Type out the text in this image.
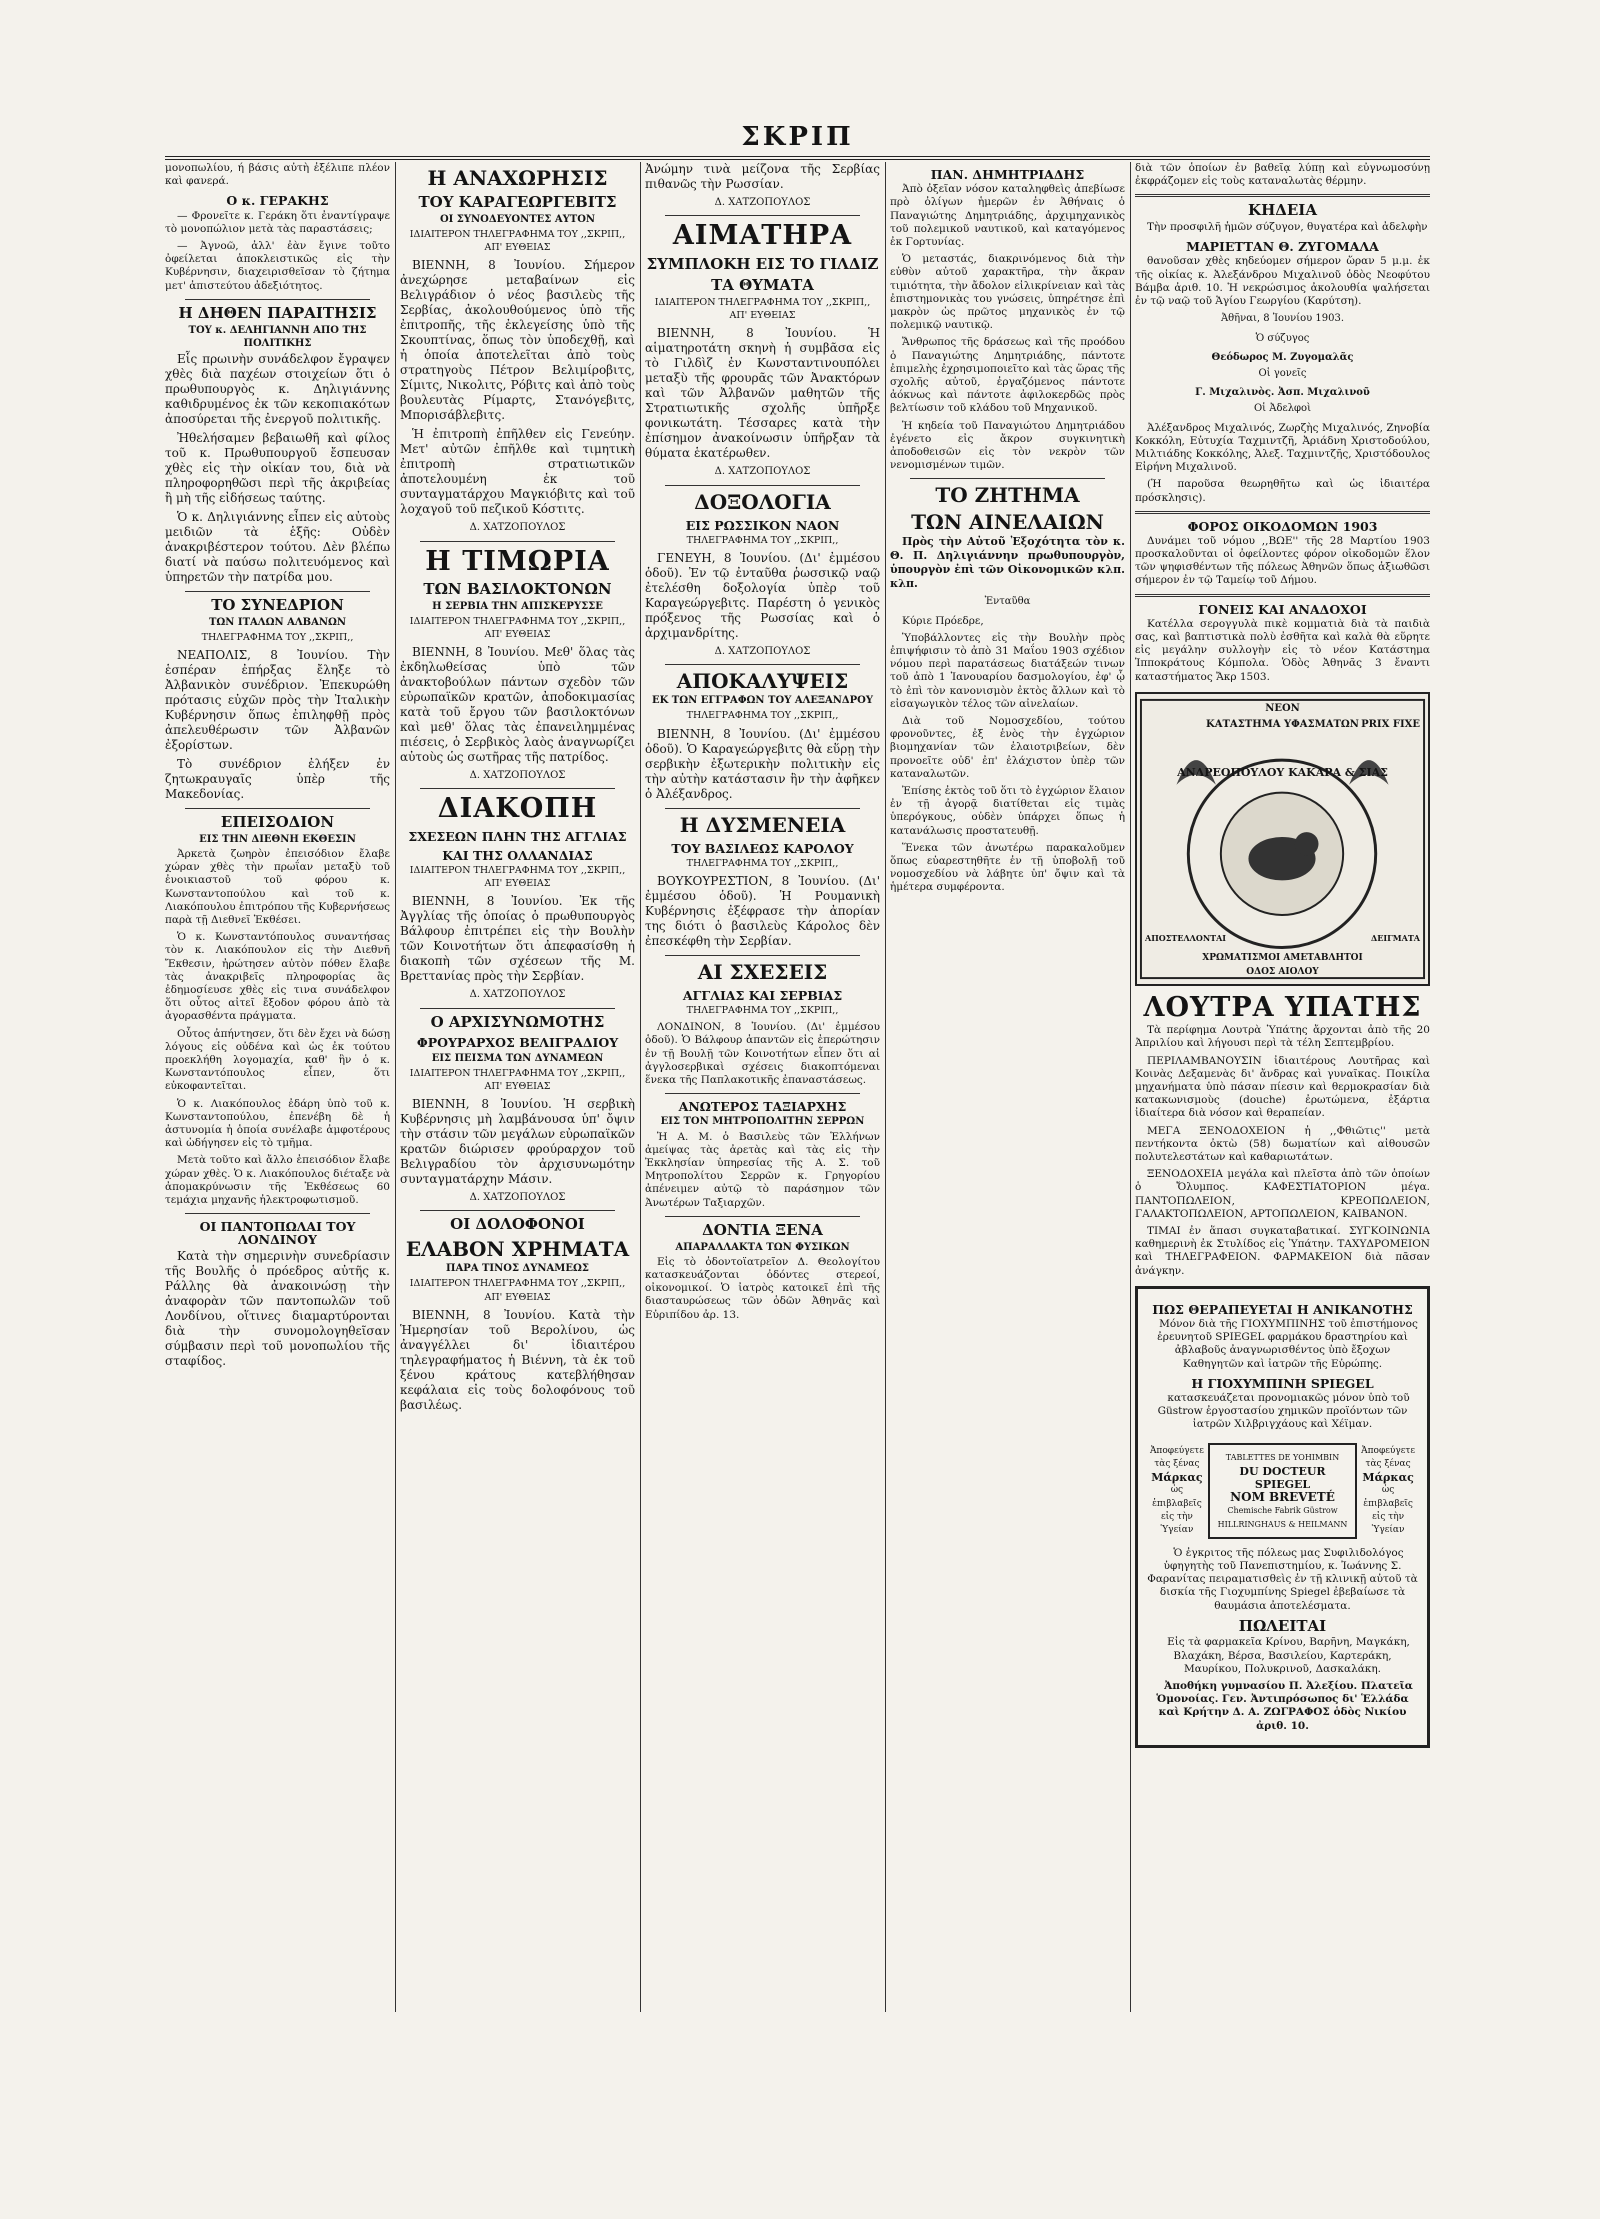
ΣΚΡΙΠ

μονοπωλίου, ή βάσις αὐτὴ ἐξέλιπε πλέον καὶ φανερά.

Ο κ. ΓΕΡΑΚΗΣ

— Φρονεῖτε κ. Γεράκη ὅτι ἐναντίγραψε τὸ μονοπώλιον μετὰ τὰς παραστάσεις;

— Ἀγνοῶ, ἀλλ' ἐὰν ἔγινε τοῦτο ὀφείλεται ἀποκλειστικῶς εἰς τὴν Κυβέρνησιν, διαχειρισθεῖσαν τὸ ζήτημα μετ' ἀπιστεύτου ἀδεξιότητος.

Η ΔΗΘΕΝ ΠΑΡΑΙΤΗΣΙΣ
ΤΟΥ κ. ΔΕΛΗΓΙΑΝΝΗ ΑΠΟ ΤΗΣ ΠΟΛΙΤΙΚΗΣ

Εἷς πρωινὴν συνάδελφον ἔγραψεν χθὲς διὰ παχέων στοιχείων ὅτι ὁ πρωθυπουργὸς κ. Δηλιγιάννης καθιδρυμένος ἐκ τῶν κεκοπιακότων ἀποσύρεται τῆς ἐνεργοῦ πολιτικῆς.

Ἠθελήσαμεν βεβαιωθῆ καὶ φίλος τοῦ κ. Πρωθυπουργοῦ ἔσπευσαν χθὲς εἰς τὴν οἰκίαν του, διὰ νὰ πληροφορηθῶσι περὶ τῆς ἀκριβείας ἢ μὴ τῆς εἰδήσεως ταύτης.

Ὁ κ. Δηλιγιάννης εἶπεν εἰς αὐτοὺς μειδιῶν τὰ ἑξῆς: Οὐδὲν ἀνακριβέστερον τούτου. Δὲν βλέπω διατί νὰ παύσω πολιτευόμενος καὶ ὑπηρετῶν τὴν πατρίδα μου.

ΤΟ ΣΥΝΕΔΡΙΟΝ
ΤΩΝ ΙΤΑΛΩΝ ΑΛΒΑΝΩΝ
ΤΗΛΕΓΡΑΦΗΜΑ ΤΟΥ ,,ΣΚΡΙΠ,,

ΝΕΑΠΟΛΙΣ, 8 Ἰουνίου. Τὴν ἑσπέραν ἐπήρξας ἔληξε τὸ Ἀλβανικὸν συνέδριον. Ἐπεκυρώθη πρότασις εὐχῶν πρὸς τὴν Ἰταλικὴν Κυβέρνησιν ὅπως ἐπιληφθῇ πρὸς ἀπελευθέρωσιν τῶν Ἀλβανῶν ἐξορίστων.

Τὸ συνέδριον ἐλήξεν ἐν ζητωκραυγαῖς ὑπὲρ τῆς Μακεδονίας.

ΕΠΕΙΣΟΔΙΟΝ
ΕΙΣ ΤΗΝ ΔΙΕΘΝΗ ΕΚΘΕΣΙΝ

Ἀρκετὰ ζωηρὸν ἐπεισόδιον ἔλαβε χώραν χθὲς τὴν πρωΐαν μεταξὺ τοῦ ἐνοικιαστοῦ τοῦ φόρου κ. Κωνσταντοπούλου καὶ τοῦ κ. Λιακόπουλου ἐπιτρόπου τῆς Κυβερνήσεως παρὰ τῇ Διεθνεῖ Ἐκθέσει.

Ὁ κ. Κωνσταντόπουλος συναντήσας τὸν κ. Λιακόπουλον εἰς τὴν Διεθνῆ Ἔκθεσιν, ἠρώτησεν αὐτὸν πόθεν ἔλαβε τὰς ἀνακριβεῖς πληροφορίας ἃς ἐδημοσίευσε χθὲς εἰς τινα συνάδελφον ὅτι οὗτος αἰτεῖ ἔξοδον φόρου ἀπὸ τὰ ἀγορασθέντα πράγματα.

Οὗτος ἀπήντησεν, ὅτι δὲν ἔχει νὰ δώσῃ λόγους εἰς οὐδένα καὶ ὡς ἐκ τούτου προεκλήθη λογομαχία, καθ' ἣν ὁ κ. Κωνσταντόπουλος εἶπεν, ὅτι εὐκοφαντεῖται.

Ὁ κ. Λιακόπουλος ἐδάρη ὑπὸ τοῦ κ. Κωνσταντοπούλου, ἐπενέβη δὲ ἡ ἀστυνομία ἡ ὁποία συνέλαβε ἀμφοτέρους καὶ ὡδήγησεν εἰς τὸ τμῆμα.

Μετὰ τοῦτο καὶ ἄλλο ἐπεισόδιον ἔλαβε χώραν χθὲς. Ὁ κ. Λιακόπουλος διέταξε νὰ ἀπομακρύνωσιν τῆς Ἐκθέσεως 60 τεμάχια μηχανῆς ἠλεκτροφωτισμοῦ.

ΟΙ ΠΑΝΤΟΠΩΛΑΙ ΤΟΥ ΛΟΝΔΙΝΟΥ

Κατὰ τὴν σημερινὴν συνεδρίασιν τῆς Βουλῆς ὁ πρόεδρος αὐτῆς κ. Ράλλης θὰ ἀνακοινώσῃ τὴν ἀναφορὰν τῶν παντοπωλῶν τοῦ Λονδίνου, οἵτινες διαμαρτύρονται διὰ τὴν συνομολογηθεῖσαν σύμβασιν περὶ τοῦ μονοπωλίου τῆς σταφίδος.

Η ΑΝΑΧΩΡΗΣΙΣ
ΤΟΥ ΚΑΡΑΓΕΩΡΓΕΒΙΤΣ
ΟΙ ΣΥΝΟΔΕΥΟΝΤΕΣ ΑΥΤΟΝ
ΙΔΙΑΙΤΕΡΟΝ ΤΗΛΕΓΡΑΦΗΜΑ ΤΟΥ ,,ΣΚΡΙΠ,, ΑΠ' ΕΥΘΕΙΑΣ

ΒΙΕΝΝΗ, 8 Ἰουνίου. Σήμερον ἀνεχώρησε μεταβαίνων εἰς Βελιγράδιον ὁ νέος βασιλεὺς τῆς Σερβίας, ἀκολουθούμενος ὑπὸ τῆς ἐπιτροπῆς, τῆς ἐκλεγείσης ὑπὸ τῆς Σκουπτίνας, ὅπως τὸν ὑποδεχθῇ, καὶ ἡ ὁποία ἀποτελεῖται ἀπὸ τοὺς στρατηγοὺς Πέτρον Βελιμίροβιτς, Σίμιτς, Νικολιτς, Ρόβιτς καὶ ἀπὸ τοὺς βουλευτὰς Ρίμαρτς, Στανόγεβιτς, Μπορισάβλεβιτς.

Ἡ ἐπιτροπὴ ἐπῆλθεν εἰς Γενεύην. Μετ' αὐτῶν ἐπῆλθε καὶ τιμητικὴ ἐπιτροπὴ στρατιωτικῶν ἀποτελουμένη ἐκ τοῦ συνταγματάρχου Μαγκιόβιτς καὶ τοῦ λοχαγοῦ τοῦ πεζικοῦ Κόστιτς.

Δ. ΧΑΤΖΟΠΟΥΛΟΣ
Η ΤΙΜΩΡΙΑ
ΤΩΝ ΒΑΣΙΛΟΚΤΟΝΩΝ
Η ΣΕΡΒΙΑ ΤΗΝ ΑΠΙΣΚΕΡΥΣΣΕ
ΙΔΙΑΙΤΕΡΟΝ ΤΗΛΕΓΡΑΦΗΜΑ ΤΟΥ ,,ΣΚΡΙΠ,, ΑΠ' ΕΥΘΕΙΑΣ

ΒΙΕΝΝΗ, 8 Ἰουνίου. Μεθ' ὅλας τὰς ἐκδηλωθείσας ὑπὸ τῶν ἀνακτοβούλων πάντων σχεδὸν τῶν εὐρωπαϊκῶν κρατῶν, ἀποδοκιμασίας κατὰ τοῦ ἔργου τῶν βασιλοκτόνων καὶ μεθ' ὅλας τὰς ἐπανειλημμένας πιέσεις, ὁ Σερβικὸς λαὸς ἀναγνωρίζει αὐτοὺς ὡς σωτῆρας τῆς πατρίδος.

Δ. ΧΑΤΖΟΠΟΥΛΟΣ
ΔΙΑΚΟΠΗ
ΣΧΕΣΕΩΝ ΠΛΗΝ ΤΗΣ ΑΓΓΛΙΑΣ
ΚΑΙ ΤΗΣ ΟΛΛΑΝΔΙΑΣ
ΙΔΙΑΙΤΕΡΟΝ ΤΗΛΕΓΡΑΦΗΜΑ ΤΟΥ ,,ΣΚΡΙΠ,, ΑΠ' ΕΥΘΕΙΑΣ

ΒΙΕΝΝΗ, 8 Ἰουνίου. Ἐκ τῆς Ἀγγλίας τῆς ὁποίας ὁ πρωθυπουργὸς Βάλφουρ ἐπιτρέπει εἰς τὴν Βουλὴν τῶν Κοινοτήτων ὅτι ἀπεφασίσθη ἡ διακοπὴ τῶν σχέσεων τῆς Μ. Βρεττανίας πρὸς τὴν Σερβίαν.

Δ. ΧΑΤΖΟΠΟΥΛΟΣ
Ο ΑΡΧΙΣΥΝΩΜΟΤΗΣ
ΦΡΟΥΡΑΡΧΟΣ ΒΕΛΙΓΡΑΔΙΟΥ
ΕΙΣ ΠΕΙΣΜΑ ΤΩΝ ΔΥΝΑΜΕΩΝ
ΙΔΙΑΙΤΕΡΟΝ ΤΗΛΕΓΡΑΦΗΜΑ ΤΟΥ ,,ΣΚΡΙΠ,, ΑΠ' ΕΥΘΕΙΑΣ

ΒΙΕΝΝΗ, 8 Ἰουνίου. Ἡ σερβικὴ Κυβέρνησις μὴ λαμβάνουσα ὑπ' ὄψιν τὴν στάσιν τῶν μεγάλων εὐρωπαϊκῶν κρατῶν διώρισεν φρούραρχον τοῦ Βελιγραδίου τὸν ἀρχισυνωμότην συνταγματάρχην Μάσιν.

Δ. ΧΑΤΖΟΠΟΥΛΟΣ
ΟΙ ΔΟΛΟΦΟΝΟΙ
ΕΛΑΒΟΝ ΧΡΗΜΑΤΑ
ΠΑΡΑ ΤΙΝΟΣ ΔΥΝΑΜΕΩΣ
ΙΔΙΑΙΤΕΡΟΝ ΤΗΛΕΓΡΑΦΗΜΑ ΤΟΥ ,,ΣΚΡΙΠ,, ΑΠ' ΕΥΘΕΙΑΣ

ΒΙΕΝΝΗ, 8 Ἰουνίου. Κατὰ τὴν Ἡμερησίαν τοῦ Βερολίνου, ὡς ἀναγγέλλει δι' ἰδιαιτέρου τηλεγραφήματος ἡ Βιέννη, τὰ ἐκ τοῦ ξένου κράτους κατεβλήθησαν κεφάλαια εἰς τοὺς δολοφόνους τοῦ βασιλέως.

Ἀνώμην τινὰ μείζονα τῆς Σερβίας πιθανῶς τὴν Ρωσσίαν.

Δ. ΧΑΤΖΟΠΟΥΛΟΣ
ΑΙΜΑΤΗΡΑ
ΣΥΜΠΛΟΚΗ ΕΙΣ ΤΟ ΓΙΛΔΙΖ
ΤΑ ΘΥΜΑΤΑ
ΙΔΙΑΙΤΕΡΟΝ ΤΗΛΕΓΡΑΦΗΜΑ ΤΟΥ ,,ΣΚΡΙΠ,, ΑΠ' ΕΥΘΕΙΑΣ

ΒΙΕΝΝΗ, 8 Ἰουνίου. Ἡ αἱματηροτάτη σκηνὴ ἡ συμβᾶσα εἰς τὸ Γιλδὶζ ἐν Κωνσταντινουπόλει μεταξὺ τῆς φρουρᾶς τῶν Ἀνακτόρων καὶ τῶν Ἀλβανῶν μαθητῶν τῆς Στρατιωτικῆς σχολῆς ὑπῆρξε φονικωτάτη. Τέσσαρες κατὰ τὴν ἐπίσημον ἀνακοίνωσιν ὑπῆρξαν τὰ θύματα ἑκατέρωθεν.

Δ. ΧΑΤΖΟΠΟΥΛΟΣ
ΔΟΞΟΛΟΓΙΑ
ΕΙΣ ΡΩΣΣΙΚΟΝ ΝΑΟΝ
ΤΗΛΕΓΡΑΦΗΜΑ ΤΟΥ ,,ΣΚΡΙΠ,,

ΓΕΝΕΥΗ, 8 Ἰουνίου. (Δι' ἐμμέσου ὁδοῦ). Ἐν τῷ ἐνταῦθα ῥωσσικῷ ναῷ ἐτελέσθη δοξολογία ὑπὲρ τοῦ Καραγεώργεβιτς. Παρέστη ὁ γενικὸς πρόξενος τῆς Ρωσσίας καὶ ὁ ἀρχιμανδρίτης.

Δ. ΧΑΤΖΟΠΟΥΛΟΣ
ΑΠΟΚΑΛΥΨΕΙΣ
ΕΚ ΤΩΝ ΕΓΓΡΑΦΩΝ ΤΟΥ ΑΛΕΞΑΝΔΡΟΥ
ΤΗΛΕΓΡΑΦΗΜΑ ΤΟΥ ,,ΣΚΡΙΠ,,

ΒΙΕΝΝΗ, 8 Ἰουνίου. (Δι' ἐμμέσου ὁδοῦ). Ὁ Καραγεώργεβιτς θὰ εὕρῃ τὴν σερβικὴν ἐξωτερικὴν πολιτικὴν εἰς τὴν αὐτὴν κατάστασιν ἣν τὴν ἀφῆκεν ὁ Ἀλέξανδρος.

Η ΔΥΣΜΕΝΕΙΑ
ΤΟΥ ΒΑΣΙΛΕΩΣ ΚΑΡΟΛΟΥ
ΤΗΛΕΓΡΑΦΗΜΑ ΤΟΥ ,,ΣΚΡΙΠ,,

ΒΟΥΚΟΥΡΕΣΤΙΟΝ, 8 Ἰουνίου. (Δι' ἐμμέσου ὁδοῦ). Ἡ Ρουμανικὴ Κυβέρνησις ἐξέφρασε τὴν ἀπορίαν της διότι ὁ βασιλεὺς Κάρολος δὲν ἐπεσκέφθη τὴν Σερβίαν.

ΑΙ ΣΧΕΣΕΙΣ
ΑΓΓΛΙΑΣ ΚΑΙ ΣΕΡΒΙΑΣ
ΤΗΛΕΓΡΑΦΗΜΑ ΤΟΥ ,,ΣΚΡΙΠ,,

ΛΟΝΔΙΝΟΝ, 8 Ἰουνίου. (Δι' ἐμμέσου ὁδοῦ). Ὁ Βάλφουρ ἀπαντῶν εἰς ἐπερώτησιν ἐν τῇ Βουλῇ τῶν Κοινοτήτων εἶπεν ὅτι αἱ ἀγγλοσερβικαὶ σχέσεις διακοπτόμεναι ἕνεκα τῆς Παπλακοτικῆς ἐπαναστάσεως.

ΑΝΩΤΕΡΟΣ ΤΑΞΙΑΡΧΗΣ
ΕΙΣ ΤΟΝ ΜΗΤΡΟΠΟΛΙΤΗΝ ΣΕΡΡΩΝ

Ἡ Α. Μ. ὁ Βασιλεὺς τῶν Ἑλλήνων ἀμείψας τὰς ἀρετὰς καὶ τὰς εἰς τὴν Ἐκκλησίαν ὑπηρεσίας τῆς Α. Σ. τοῦ Μητροπολίτου Σερρῶν κ. Γρηγορίου ἀπένειμεν αὐτῷ τὸ παράσημον τῶν Ἀνωτέρων Ταξιαρχῶν.

ΔΟΝΤΙΑ ΞΕΝΑ
ΑΠΑΡΑΛΛΑΚΤΑ ΤΩΝ ΦΥΣΙΚΩΝ

Εἰς τὸ ὀδοντοϊατρεῖον Δ. Θεολογίτου κατασκευάζονται ὀδόντες στερεοί, οἰκονομικοί. Ὁ ἰατρὸς κατοικεῖ ἐπὶ τῆς διασταυρώσεως τῶν ὁδῶν Ἀθηνᾶς καὶ Εὐριπίδου ἀρ. 13.

ΠΑΝ. ΔΗΜΗΤΡΙΑΔΗΣ

Ἀπὸ ὀξεῖαν νόσον καταληφθεὶς ἀπεβίωσε πρὸ ὀλίγων ἡμερῶν ἐν Ἀθήναις ὁ Παναγιώτης Δημητριάδης, ἀρχιμηχανικὸς τοῦ πολεμικοῦ ναυτικοῦ, καὶ καταγόμενος ἐκ Γορτυνίας.

Ὁ μεταστάς, διακρινόμενος διὰ τὴν εὐθὺν αὐτοῦ χαρακτῆρα, τὴν ἄκραν τιμιότητα, τὴν ἄδολον εἰλικρίνειαν καὶ τὰς ἐπιστημονικὰς του γνώσεις, ὑπηρέτησε ἐπὶ μακρὸν ὡς πρῶτος μηχανικὸς ἐν τῷ πολεμικῷ ναυτικῷ.

Ἄνθρωπος τῆς δράσεως καὶ τῆς προόδου ὁ Παναγιώτης Δημητριάδης, πάντοτε ἐπιμελὴς ἐχρησιμοποιεῖτο καὶ τὰς ὥρας τῆς σχολῆς αὐτοῦ, ἐργαζόμενος πάντοτε ἀόκνως καὶ πάντοτε ἀφιλοκερδῶς πρὸς βελτίωσιν τοῦ κλάδου τοῦ Μηχανικοῦ.

Ἡ κηδεία τοῦ Παναγιώτου Δημητριάδου ἐγένετο εἰς ἄκρον συγκινητικὴ ἀποδοθεισῶν εἰς τὸν νεκρὸν τῶν νενομισμένων τιμῶν.

ΤΟ ΖΗΤΗΜΑ
ΤΩΝ ΑΙΝΕΛΑΙΩΝ

Πρὸς τὴν Αὐτοῦ Ἐξοχότητα τὸν κ. Θ. Π. Δηλιγιάννην πρωθυπουργὸν, ὑπουργὸν ἐπὶ τῶν Οἰκονομικῶν κλπ. κλπ.

Ἐνταῦθα

Κύριε Πρόεδρε,

Ὑποβάλλοντες εἰς τὴν Βουλὴν πρὸς ἐπιψήφισιν τὸ ἀπὸ 31 Μαΐου 1903 σχέδιον νόμου περὶ παρατάσεως διατάξεών τινων τοῦ ἀπὸ 1 Ἰανουαρίου δασμολογίου, ἐφ' ᾧ τὸ ἐπὶ τὸν κανονισμὸν ἐκτὸς ἄλλων καὶ τὸ εἰσαγωγικὸν τέλος τῶν αἰνελαίων.

Διὰ τοῦ Νομοσχεδίου, τούτου φρονοῦντες, ἐξ ἑνὸς τὴν ἐγχώριον βιομηχανίαν τῶν ἐλαιοτριβείων, δὲν προνοεῖτε οὐδ' ἐπ' ἐλάχιστον ὑπὲρ τῶν καταναλωτῶν.

Ἐπίσης ἐκτὸς τοῦ ὅτι τὸ ἐγχώριον ἔλαιον ἐν τῇ ἀγορᾷ διατίθεται εἰς τιμὰς ὑπερόγκους, οὐδὲν ὑπάρχει ὅπως ἡ κατανάλωσις προστατευθῇ.

Ἕνεκα τῶν ἀνωτέρω παρακαλοῦμεν ὅπως εὐαρεστηθῆτε ἐν τῇ ὑποβολῇ τοῦ νομοσχεδίου νὰ λάβητε ὑπ' ὄψιν καὶ τὰ ἡμέτερα συμφέροντα.

διὰ τῶν ὁποίων ἐν βαθεῖᾳ λύπῃ καὶ εὐγνωμοσύνῃ ἐκφράζομεν εἰς τοὺς καταναλωτὰς θέρμην.

ΚΗΔΕΙΑ

Τὴν προσφιλῆ ἡμῶν σύζυγον, θυγατέρα καὶ ἀδελφὴν

ΜΑΡΙΕΤΤΑΝ Θ. ΖΥΓΟΜΑΛΑ

θανοῦσαν χθὲς κηδεύομεν σήμερον ὥραν 5 μ.μ. ἐκ τῆς οἰκίας κ. Ἀλεξάνδρου Μιχαλινοῦ ὁδὸς Νεοφύτου Βάμβα ἀριθ. 10. Ἡ νεκρώσιμος ἀκολουθία ψαλήσεται ἐν τῷ ναῷ τοῦ Ἁγίου Γεωργίου (Καρύτση).

Ἀθῆναι, 8 Ἰουνίου 1903.
Ὁ σύζυγος
Θεόδωρος Μ. Ζυγομαλᾶς
Οἱ γονεῖς
Γ. Μιχαλινὸς. Ἀσπ. Μιχαλινοῦ
Οἱ Ἀδελφοὶ

Ἀλέξανδρος Μιχαλινός, Ζωρζὴς Μιχαλινός, Ζηνοβία Κοκκόλη, Εὐτυχία Ταχμιντζῆ, Ἀριάδνη Χριστοδούλου, Μιλτιάδης Κοκκόλης, Ἀλεξ. Ταχμιντζῆς, Χριστόδουλος Εἰρήνη Μιχαλινοῦ.

(Ἡ παροῦσα θεωρηθῆτω καὶ ὡς ἰδιαιτέρα πρόσκλησις).

ΦΟΡΟΣ ΟΙΚΟΔΟΜΩΝ 1903

Δυνάμει τοῦ νόμου ,,ΒΩΕ'' τῆς 28 Μαρτίου 1903 προσκαλοῦνται οἱ ὀφείλοντες φόρον οἰκοδομῶν ἕλον τῶν ψηφισθέντων τῆς πόλεως Ἀθηνῶν ὅπως ἀξιωθῶσι σήμερον ἐν τῷ Ταμείῳ τοῦ Δήμου.

ΓΟΝΕΙΣ ΚΑΙ ΑΝΑΔΟΧΟΙ

Κατέλλα σερογγυλὰ πικὲ κομματιὰ διὰ τὰ παιδιὰ σας, καὶ βαπτιστικὰ πολὺ ἐσθῆτα καὶ καλὰ θὰ εὕρητε εἰς μεγάλην συλλογὴν εἰς τὸ νέον Κατάστημα Ἱπποκράτους Κόμπολα. Ὁδὸς Ἀθηνᾶς 3 ἔναντι καταστήματος Ἄκρ 1503.

ΝΕΟΝ
ΚΑΤΑΣΤΗΜΑ ΥΦΑΣΜΑΤΩΝ PRIX FIXE
ΑΝΔΡΕΟΠΟΥΛΟΥ ΚΑΚΑΡΑ & ΣΙΑΣ
ΑΠΟΣΤΕΛΛΟΝΤΑΙ	ΔΕΙΓΜΑΤΑ
ΧΡΩΜΑΤΙΣΜΟΙ ΑΜΕΤΑΒΛΗΤΟΙ
ΟΔΟΣ ΑΙΟΛΟΥ
ΛΟΥΤΡΑ ΥΠΑΤΗΣ

Τὰ περίφημα Λουτρὰ Ὑπάτης ἄρχονται ἀπὸ τῆς 20 Ἀπριλίου καὶ λήγουσι περὶ τὰ τέλη Σεπτεμβρίου.

ΠΕΡΙΛΑΜΒΑΝΟΥΣΙΝ ἰδιαιτέρους Λουτῆρας καὶ Κοινὰς Δεξαμενὰς δι' ἄνδρας καὶ γυναῖκας. Ποικίλα μηχανήματα ὑπὸ πάσαν πίεσιν καὶ θερμοκρασίαν διὰ κατακωνισμοὺς (douche) ἐρωτώμενα, ἐξάρτια ἰδιαίτερα διὰ νόσον καὶ θεραπείαν.

ΜΕΓΑ ΞΕΝΟΔΟΧΕΙΟΝ ἡ ,,Φθιῶτις'' μετὰ πεντήκοντα ὀκτὼ (58) δωματίων καὶ αἰθουσῶν πολυτελεστάτων καὶ καθαριωτάτων.

ΞΕΝΟΔΟΧΕΙΑ μεγάλα καὶ πλεῖστα ἀπὸ τῶν ὁποίων ὁ Ὄλυμπος. ΚΑΦΕΣΤΙΑΤΟΡΙΟΝ μέγα. ΠΑΝΤΟΠΩΛΕΙΟΝ, ΚΡΕΟΠΩΛΕΙΟΝ, ΓΑΛΑΚΤΟΠΩΛΕΙΟΝ, ΑΡΤΟΠΩΛΕΙΟΝ, ΚΑΙΒΑΝΟΝ.

ΤΙΜΑΙ ἐν ἅπασι συγκαταβατικαί. ΣΥΓΚΟΙΝΩΝΙΑ καθημερινὴ ἐκ Στυλίδος εἰς Ὑπάτην. ΤΑΧΥΔΡΟΜΕΙΟΝ καὶ ΤΗΛΕΓΡΑΦΕΙΟΝ. ΦΑΡΜΑΚΕΙΟΝ διὰ πᾶσαν ἀνάγκην.

ΠΩΣ ΘΕΡΑΠΕΥΕΤΑΙ Η ΑΝΙΚΑΝΟΤΗΣ

Μόνον διὰ τῆς ΓΙΟΧΥΜΠΙΝΗΣ τοῦ ἐπιστήμονος ἐρευνητοῦ SPIEGEL φαρμάκου δραστηρίου καὶ ἀβλαβοῦς ἀναγνωρισθέντος ὑπὸ ἔξοχων Καθηγητῶν καὶ ἰατρῶν τῆς Εὐρώπης.

Η ΓΙΟΧΥΜΠΙΝΗ SPIEGEL

κατασκευάζεται προνομιακῶς μόνον ὑπὸ τοῦ Güstrow ἐργοστασίου χημικῶν προϊόντων τῶν ἰατρῶν Χιλβριγχάους καὶ Χέϊμαν.

Ἀποφεύγετε
τὰς ξένας
Μάρκας
ὡς ἐπιβλαβεῖς
εἰς τὴν
Ὑγείαν
TABLETTES DE YOHIMBIN
DU DOCTEUR SPIEGEL
NOM BREVETÉ
Chemische Fabrik Güstrow
HILLRINGHAUS & HEILMANN
Ἀποφεύγετε
τὰς ξένας
Μάρκας
ὡς ἐπιβλαβεῖς
εἰς τὴν
Ὑγείαν

Ὁ ἐγκριτος τῆς πόλεως μας Συφιλιδολόγος ὑφηγητὴς τοῦ Πανεπιστημίου, κ. Ἰωάννης Σ. Φαρανίτας πειραματισθεὶς ἐν τῇ κλινικῇ αὐτοῦ τὰ δισκία τῆς Γιοχυμπίνης Spiegel ἐβεβαίωσε τὰ θαυμάσια ἀποτελέσματα.

ΠΩΛΕΙΤΑΙ

Εἰς τὰ φαρμακεῖα Κρίνου, Βαρῆνη, Μαγκάκη, Βλαχάκη, Βέρσα, Βασιλείου, Καρτεράκη, Μαυρίκου, Πολυκρινοῦ, Δασκαλάκη.

Ἀποθήκη γυμνασίου Π. Ἀλεξίου. Πλατεῖα Ὁμονοίας. Γεν. Ἀντιπρόσωπος δι' Ἑλλάδα καὶ Κρήτην Δ. Α. ΖΩΓΡΑΦΟΣ ὁδὸς Νικίου ἀριθ. 10.
